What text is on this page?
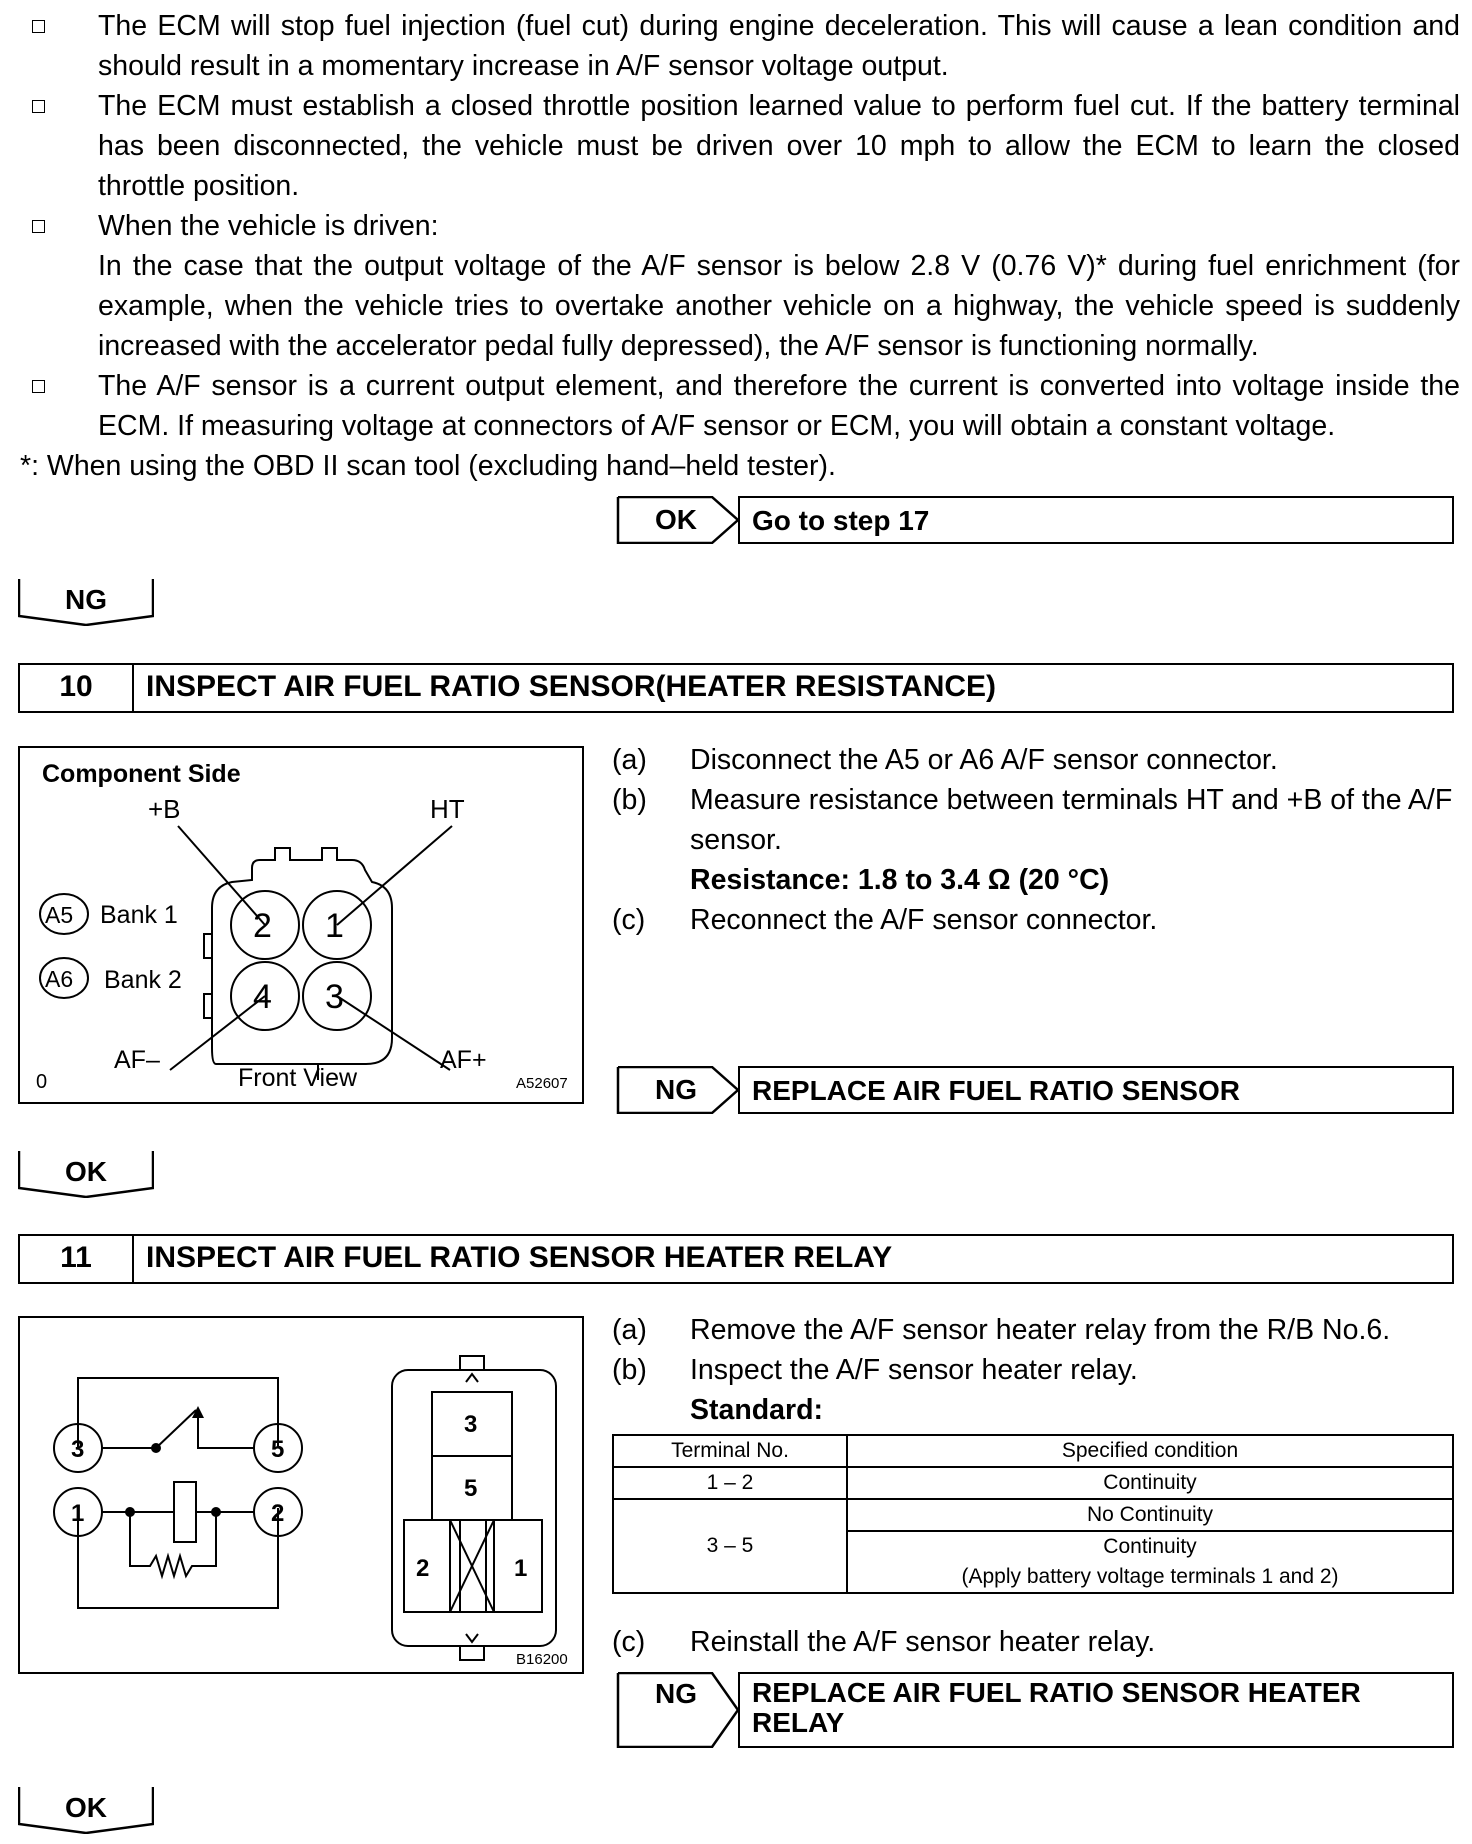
The ECM will stop fuel injection (fuel cut) during engine deceleration. This will cause a lean condition and should result in a momentary increase in A/F sensor voltage output.
The ECM must establish a closed throttle position learned value to perform fuel cut. If the battery terminal has been disconnected, the vehicle must be driven over 10 mph to allow the ECM to learn the closed throttle position.
When the vehicle is driven:
In the case that the output voltage of the A/F sensor is below 2.8 V (0.76 V)* during fuel enrichment (for example, when the vehicle tries to overtake another vehicle on a highway, the vehicle speed is suddenly increased with the accelerator pedal fully depressed), the A/F sensor is functioning normally.
The A/F sensor is a current output element, and therefore the current is converted into voltage inside the ECM. If measuring voltage at connectors of A/F sensor or ECM, you will obtain a constant voltage.
*: When using the OBD II scan tool (excluding hand–held tester).
OK	Go to step 17
NG
10	INSPECT AIR FUEL RATIO SENSOR(HEATER RESISTANCE)
Component Side
+B	HT
A5 Bank 1
A6 Bank 2
2 1
4 3
AF–	AF+
Front View
0	A52607
(a) Disconnect the A5 or A6 A/F sensor connector.
(b) Measure resistance between terminals HT and +B of the A/F sensor.
Resistance: 1.8 to 3.4 Ω (20 °C)
(c) Reconnect the A/F sensor connector.
NG	REPLACE AIR FUEL RATIO SENSOR
OK
11	INSPECT AIR FUEL RATIO SENSOR HEATER RELAY
3	5
1	2
3
5
2	1
B16200
(a) Remove the A/F sensor heater relay from the R/B No.6.
(b) Inspect the A/F sensor heater relay.
Standard:
Terminal No.	Specified condition
1 – 2	Continuity
3 – 5	No Continuity
	Continuity
(Apply battery voltage terminals 1 and 2)
(c) Reinstall the A/F sensor heater relay.
NG	REPLACE AIR FUEL RATIO SENSOR HEATER RELAY
OK
